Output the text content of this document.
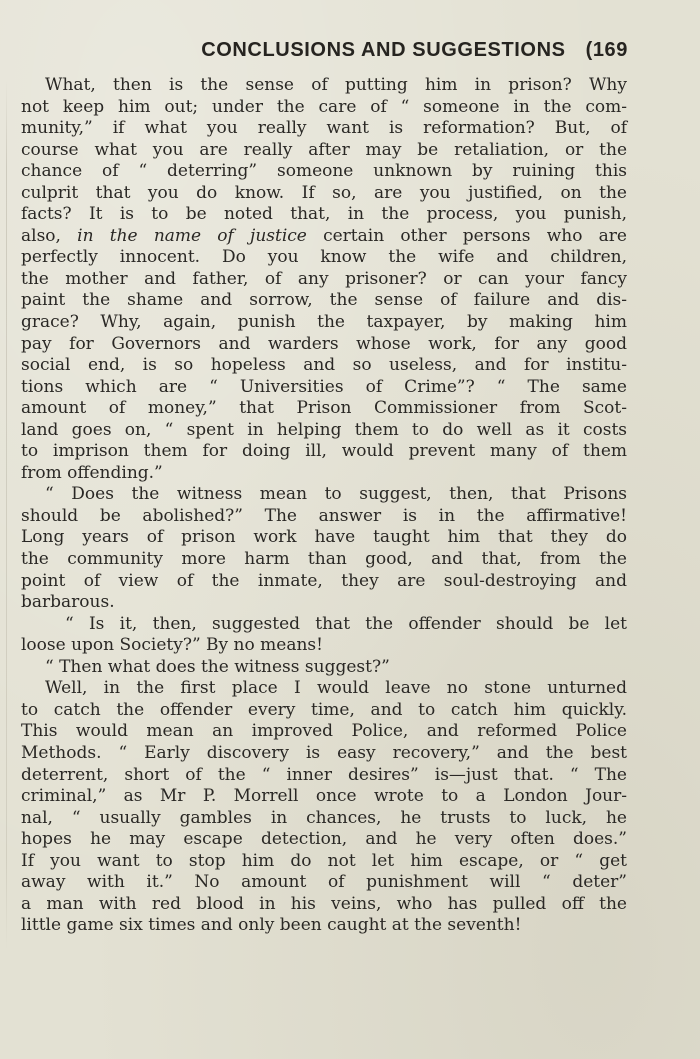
CONCLUSIONS AND SUGGESTIONS (169
What, then is the sense of putting him in prison? Why
not keep him out; under the care of “ someone in the com-
munity,” if what you really want is reformation? But, of
course what you are really after may be retaliation, or the
chance of “ deterring” someone unknown by ruining this
culprit that you do know. If so, are you justified, on the
facts? It is to be noted that, in the process, you punish,
also, in the name of justice certain other persons who are
perfectly innocent. Do you know the wife and children,
the mother and father, of any prisoner? or can your fancy
paint the shame and sorrow, the sense of failure and dis-
grace? Why, again, punish the taxpayer, by making him
pay for Governors and warders whose work, for any good
social end, is so hopeless and so useless, and for institu-
tions which are “ Universities of Crime”? “ The same
amount of money,” that Prison Commissioner from Scot-
land goes on, “ spent in helping them to do well as it costs
to imprison them for doing ill, would prevent many of them
from offending.”
“ Does the witness mean to suggest, then, that Prisons
should be abolished?” The answer is in the affirmative!
Long years of prison work have taught him that they do
the community more harm than good, and that, from the
point of view of the inmate, they are soul-destroying and
barbarous.
“ Is it, then, suggested that the offender should be let
loose upon Society?” By no means!
“ Then what does the witness suggest?”
Well, in the first place I would leave no stone unturned
to catch the offender every time, and to catch him quickly.
This would mean an improved Police, and reformed Police
Methods. “ Early discovery is easy recovery,” and the best
deterrent, short of the “ inner desires” is—just that. “ The
criminal,” as Mr P. Morrell once wrote to a London Jour-
nal, “ usually gambles in chances, he trusts to luck, he
hopes he may escape detection, and he very often does.”
If you want to stop him do not let him escape, or “ get
away with it.” No amount of punishment will “ deter”
a man with red blood in his veins, who has pulled off the
little game six times and only been caught at the seventh!
